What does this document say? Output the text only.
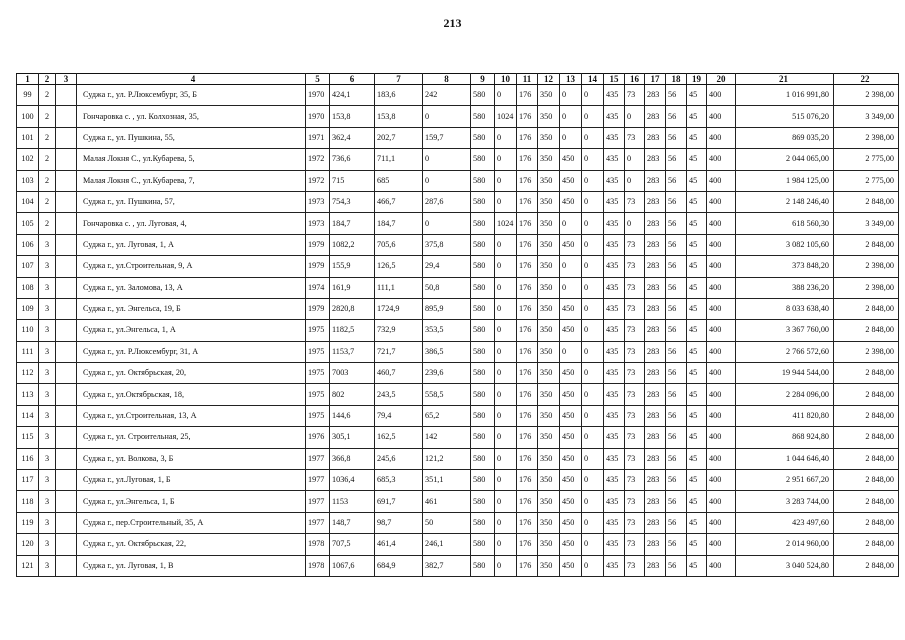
213
1	2	3	4	5	6	7	8	9	10	11	12	13	14	15	16	17	18	19	20	21	22
99	2		Суджа г., ул. Р.Люксембург, 35, Б	1970	424,1	183,6	242	580	0	176	350	0	0	435	73	283	56	45	400	1 016 991,80	2 398,00
100	2		Гончаровка с. , ул. Колхозная, 35,	1970	153,8	153,8	0	580	1024	176	350	0	0	435	0	283	56	45	400	515 076,20	3 349,00
101	2		Суджа г., ул. Пушкина, 55,	1971	362,4	202,7	159,7	580	0	176	350	0	0	435	73	283	56	45	400	869 035,20	2 398,00
102	2		Малая Локня С., ул.Кубарева, 5,	1972	736,6	711,1	0	580	0	176	350	450	0	435	0	283	56	45	400	2 044 065,00	2 775,00
103	2		Малая Локня С., ул.Кубарева, 7,	1972	715	685	0	580	0	176	350	450	0	435	0	283	56	45	400	1 984 125,00	2 775,00
104	2		Суджа г., ул. Пушкина, 57,	1973	754,3	466,7	287,6	580	0	176	350	450	0	435	73	283	56	45	400	2 148 246,40	2 848,00
105	2		Гончаровка с. , ул. Луговая, 4,	1973	184,7	184,7	0	580	1024	176	350	0	0	435	0	283	56	45	400	618 560,30	3 349,00
106	3		Суджа г., ул. Луговая, 1, А	1979	1082,2	705,6	375,8	580	0	176	350	450	0	435	73	283	56	45	400	3 082 105,60	2 848,00
107	3		Суджа г., ул.Строительная, 9, А	1979	155,9	126,5	29,4	580	0	176	350	0	0	435	73	283	56	45	400	373 848,20	2 398,00
108	3		Суджа г., ул. Заломова, 13, А	1974	161,9	111,1	50,8	580	0	176	350	0	0	435	73	283	56	45	400	388 236,20	2 398,00
109	3		Суджа г., ул. Энгельса, 19, Б	1979	2820,8	1724,9	895,9	580	0	176	350	450	0	435	73	283	56	45	400	8 033 638,40	2 848,00
110	3		Суджа г., ул.Энгельса, 1, А	1975	1182,5	732,9	353,5	580	0	176	350	450	0	435	73	283	56	45	400	3 367 760,00	2 848,00
111	3		Суджа г., ул. Р.Люксембург, 31, А	1975	1153,7	721,7	386,5	580	0	176	350	0	0	435	73	283	56	45	400	2 766 572,60	2 398,00
112	3		Суджа г., ул. Октябрьская, 20,	1975	7003	460,7	239,6	580	0	176	350	450	0	435	73	283	56	45	400	19 944 544,00	2 848,00
113	3		Суджа г., ул.Октябрьская, 18,	1975	802	243,5	558,5	580	0	176	350	450	0	435	73	283	56	45	400	2 284 096,00	2 848,00
114	3		Суджа г., ул.Строительная, 13, А	1975	144,6	79,4	65,2	580	0	176	350	450	0	435	73	283	56	45	400	411 820,80	2 848,00
115	3		Суджа г., ул. Строительная, 25,	1976	305,1	162,5	142	580	0	176	350	450	0	435	73	283	56	45	400	868 924,80	2 848,00
116	3		Суджа г., ул. Волкова, 3, Б	1977	366,8	245,6	121,2	580	0	176	350	450	0	435	73	283	56	45	400	1 044 646,40	2 848,00
117	3		Суджа г., ул.Луговая, 1, Б	1977	1036,4	685,3	351,1	580	0	176	350	450	0	435	73	283	56	45	400	2 951 667,20	2 848,00
118	3		Суджа г., ул.Энгельса, 1, Б	1977	1153	691,7	461	580	0	176	350	450	0	435	73	283	56	45	400	3 283 744,00	2 848,00
119	3		Суджа г., пер.Строительный, 35, А	1977	148,7	98,7	50	580	0	176	350	450	0	435	73	283	56	45	400	423 497,60	2 848,00
120	3		Суджа г., ул. Октябрьская, 22,	1978	707,5	461,4	246,1	580	0	176	350	450	0	435	73	283	56	45	400	2 014 960,00	2 848,00
121	3		Суджа г., ул. Луговая, 1, В	1978	1067,6	684,9	382,7	580	0	176	350	450	0	435	73	283	56	45	400	3 040 524,80	2 848,00
